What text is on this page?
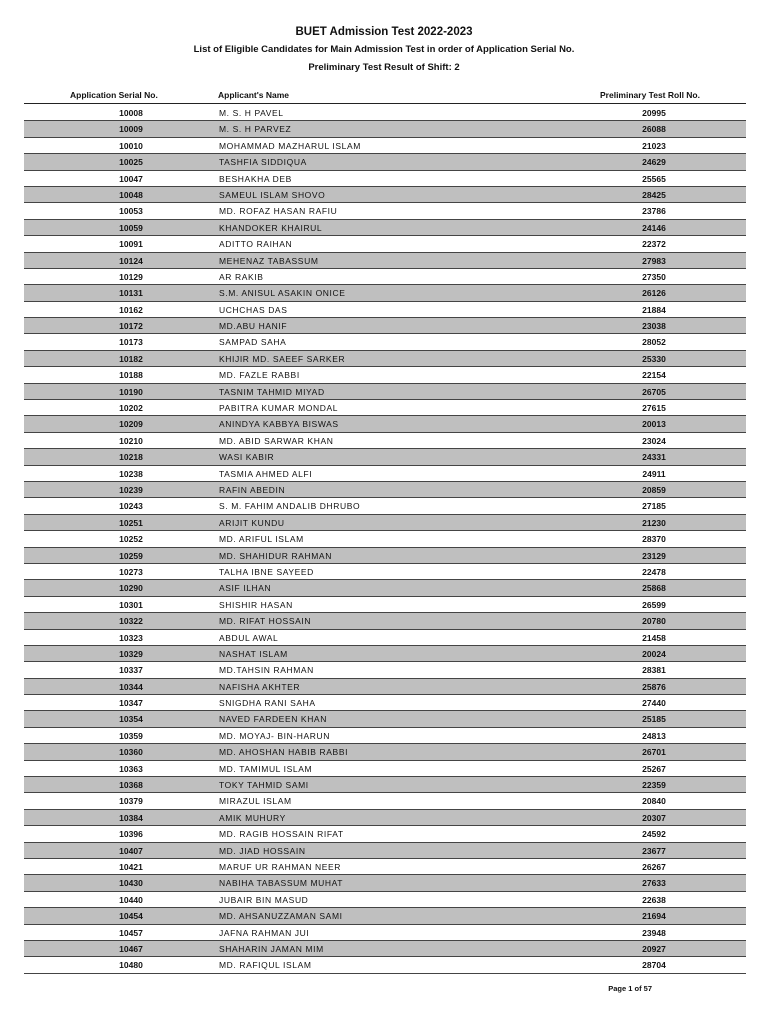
BUET Admission Test 2022-2023
List of Eligible Candidates for Main Admission Test in order of Application Serial No.
Preliminary Test Result of Shift: 2
Application Serial No.	Applicant's Name	Preliminary Test Roll No.
10008	M. S. H PAVEL	20995
10009	M. S. H PARVEZ	26088
10010	MOHAMMAD MAZHARUL ISLAM	21023
10025	TASHFIA SIDDIQUA	24629
10047	BESHAKHA DEB	25565
10048	SAMEUL ISLAM SHOVO	28425
10053	MD. ROFAZ HASAN RAFIU	23786
10059	KHANDOKER KHAIRUL	24146
10091	ADITTO RAIHAN	22372
10124	MEHENAZ TABASSUM	27983
10129	AR RAKIB	27350
10131	S.M. ANISUL ASAKIN ONICE	26126
10162	UCHCHAS DAS	21884
10172	MD.ABU HANIF	23038
10173	SAMPAD SAHA	28052
10182	KHIJIR MD. SAEEF SARKER	25330
10188	MD. FAZLE RABBI	22154
10190	TASNIM TAHMID MIYAD	26705
10202	PABITRA KUMAR MONDAL	27615
10209	ANINDYA KABBYA BISWAS	20013
10210	MD. ABID SARWAR KHAN	23024
10218	WASI KABIR	24331
10238	TASMIA AHMED ALFI	24911
10239	RAFIN ABEDIN	20859
10243	S. M. FAHIM ANDALIB DHRUBO	27185
10251	ARIJIT KUNDU	21230
10252	MD. ARIFUL ISLAM	28370
10259	MD. SHAHIDUR RAHMAN	23129
10273	TALHA IBNE SAYEED	22478
10290	ASIF ILHAN	25868
10301	SHISHIR HASAN	26599
10322	MD. RIFAT HOSSAIN	20780
10323	ABDUL AWAL	21458
10329	NASHAT ISLAM	20024
10337	MD.TAHSIN RAHMAN	28381
10344	NAFISHA AKHTER	25876
10347	SNIGDHA RANI SAHA	27440
10354	NAVED FARDEEN KHAN	25185
10359	MD. MOYAJ- BIN-HARUN	24813
10360	MD. AHOSHAN HABIB RABBI	26701
10363	MD. TAMIMUL ISLAM	25267
10368	TOKY TAHMID SAMI	22359
10379	MIRAZUL ISLAM	20840
10384	AMIK MUHURY	20307
10396	MD. RAGIB HOSSAIN RIFAT	24592
10407	MD. JIAD HOSSAIN	23677
10421	MARUF UR RAHMAN NEER	26267
10430	NABIHA TABASSUM MUHAT	27633
10440	JUBAIR BIN MASUD	22638
10454	MD. AHSANUZZAMAN SAMI	21694
10457	JAFNA RAHMAN JUI	23948
10467	SHAHARIN JAMAN MIM	20927
10480	MD. RAFIQUL ISLAM	28704
Page 1 of 57
